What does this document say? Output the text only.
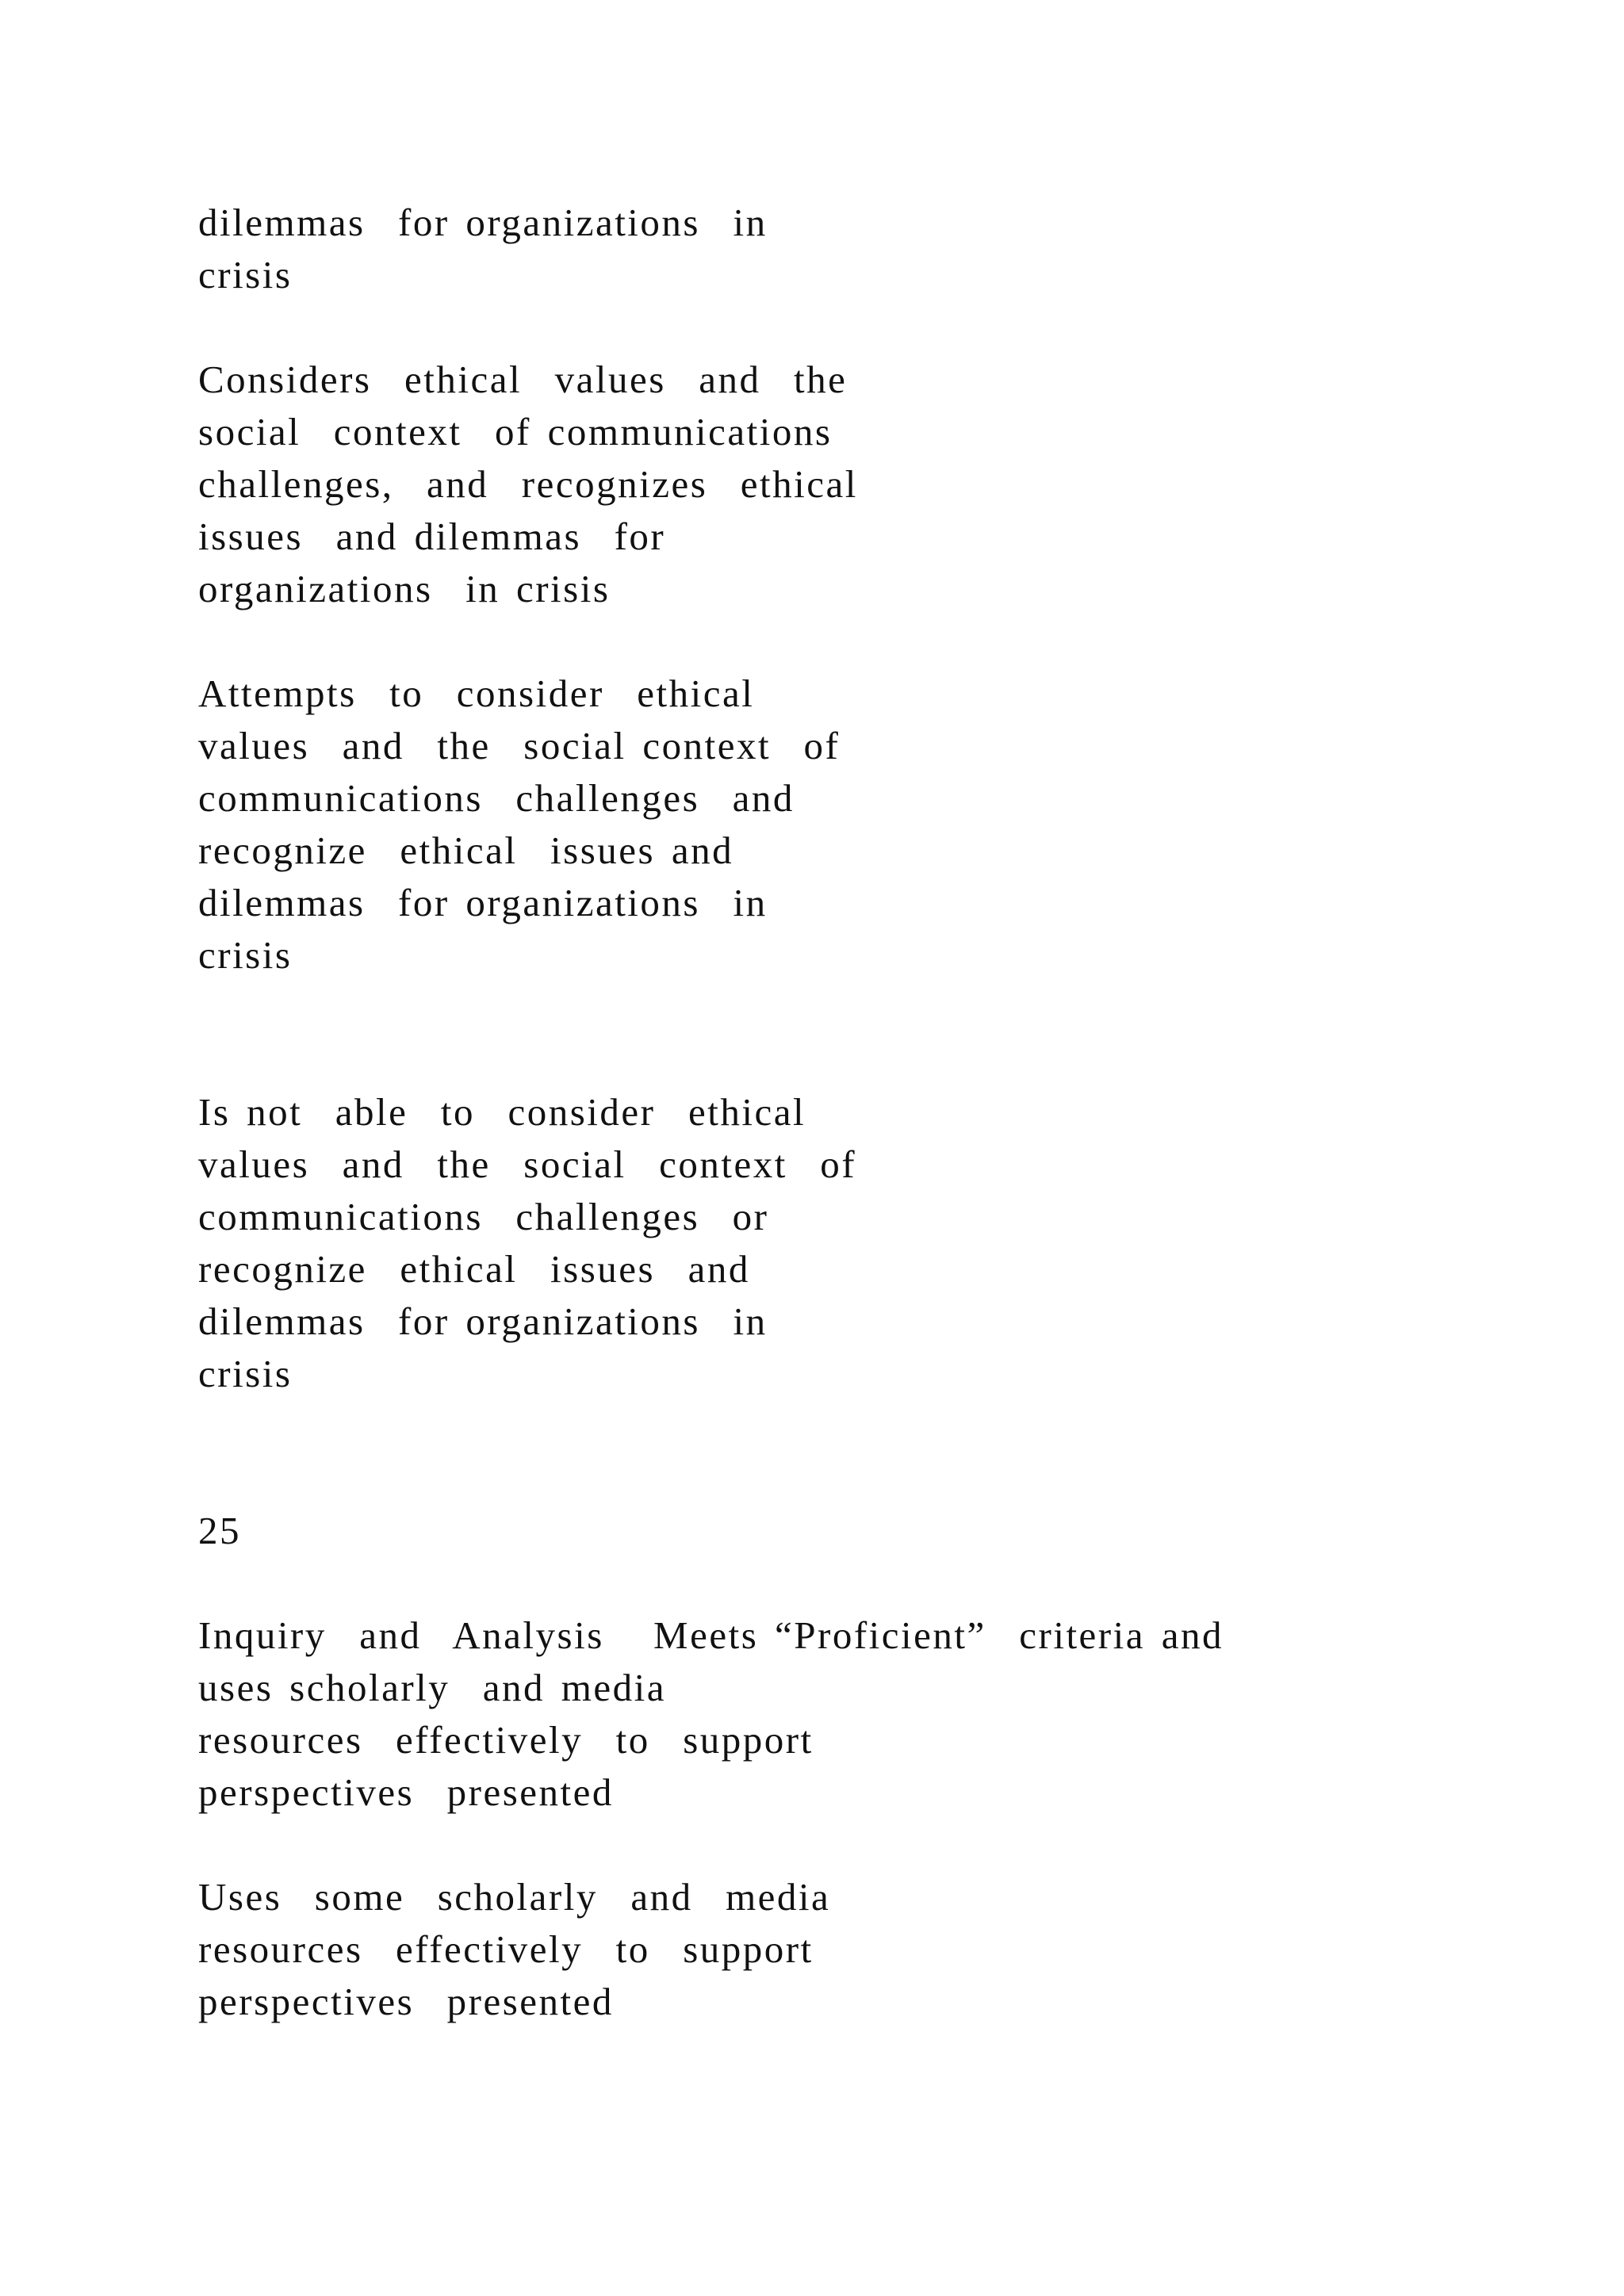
dilemmas  for organizations  in
crisis
Considers  ethical  values  and  the
social  context  of communications
challenges,  and  recognizes  ethical
issues  and dilemmas  for
organizations  in crisis
Attempts  to  consider  ethical
values  and  the  social context  of
communications  challenges  and
recognize  ethical  issues and
dilemmas  for organizations  in
crisis
Is not  able  to  consider  ethical
values  and  the  social  context  of
communications  challenges  or
recognize  ethical  issues  and
dilemmas  for organizations  in
crisis
25
Inquiry  and  Analysis   Meets “Proficient”  criteria and
uses scholarly  and media
resources  effectively  to  support
perspectives  presented
Uses  some  scholarly  and  media
resources  effectively  to  support
perspectives  presented
